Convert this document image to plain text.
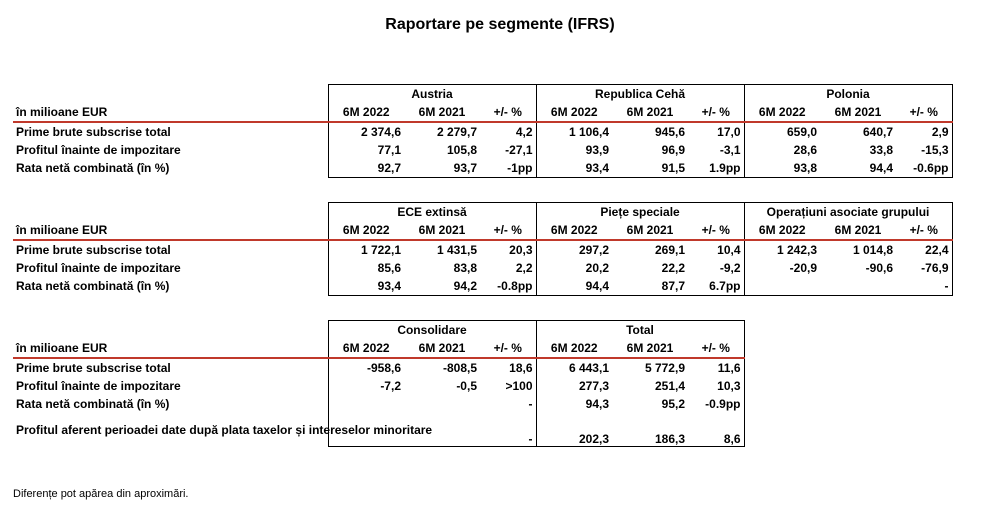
Raportare pe segmente (IFRS)
	Austria			Republica Cehă			Polonia		
în milioane EUR	6M 2022	6M 2021	+/- %	6M 2022	6M 2021	+/- %	6M 2022	6M 2021	+/- %
Prime brute subscrise total	2 374,6	2 279,7	4,2	1 106,4	945,6	17,0	659,0	640,7	2,9
Profitul înainte de impozitare	77,1	105,8	-27,1	93,9	96,9	-3,1	28,6	33,8	-15,3
Rata netă combinată (în %)	92,7	93,7	-1pp	93,4	91,5	1.9pp	93,8	94,4	-0.6pp
	ECE extinsă			Piețe speciale			Operațiuni asociate grupului		
în milioane EUR	6M 2022	6M 2021	+/- %	6M 2022	6M 2021	+/- %	6M 2022	6M 2021	+/- %
Prime brute subscrise total	1 722,1	1 431,5	20,3	297,2	269,1	10,4	1 242,3	1 014,8	22,4
Profitul înainte de impozitare	85,6	83,8	2,2	20,2	22,2	-9,2	-20,9	-90,6	-76,9
Rata netă combinată (în %)	93,4	94,2	-0.8pp	94,4	87,7	6.7pp			-
	Consolidare			Total		
în milioane EUR	6M 2022	6M 2021	+/- %	6M 2022	6M 2021	+/- %
Prime brute subscrise total	-958,6	-808,5	18,6	6 443,1	5 772,9	11,6
Profitul înainte de impozitare	-7,2	-0,5	>100	277,3	251,4	10,3
Rata netă combinată (în %)			-	94,3	95,2	-0.9pp
Profitul aferent perioadei date după plata taxelor și intereselor minoritare			-	202,3	186,3	8,6
Diferențe pot apărea din aproximări.
